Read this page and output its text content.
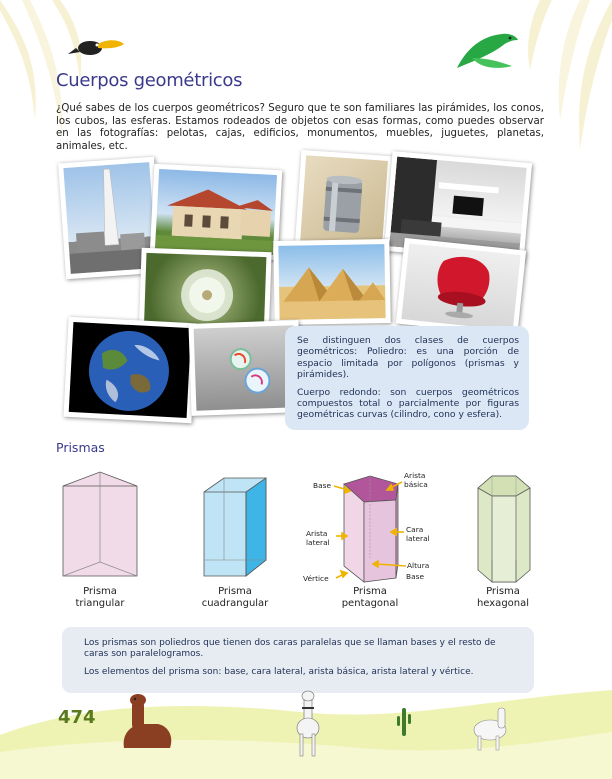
Cuerpos geométricos
¿Qué sabes de los cuerpos geométricos? Seguro que te son familiares las pirámides, los conos, los cubos, las esferas. Estamos rodeados de objetos con esas formas, como puedes observar en las fotografías: pelotas, cajas, edificios, monumentos, muebles, juguetes, planetas, animales, etc.

Se distinguen dos clases de cuerpos geométricos: Poliedro: es una porción de espacio limitada por polígonos (prismas y pirámides).

Cuerpo redondo: son cuerpos geométricos compuestos total o parcialmente por figuras geométricas curvas (cilindro, cono y esfera).

Prismas
Base
Arista
básica
Arista
lateral
Cara
lateral
Altura
Vértice	Base
Prisma
triangular
Prisma
cuadrangular
Prisma
pentagonal
Prisma
hexagonal

Los prismas son poliedros que tienen dos caras paralelas que se llaman bases y el resto de caras son paralelogramos.

Los elementos del prisma son: base, cara lateral, arista básica, arista lateral y vértice.

474
